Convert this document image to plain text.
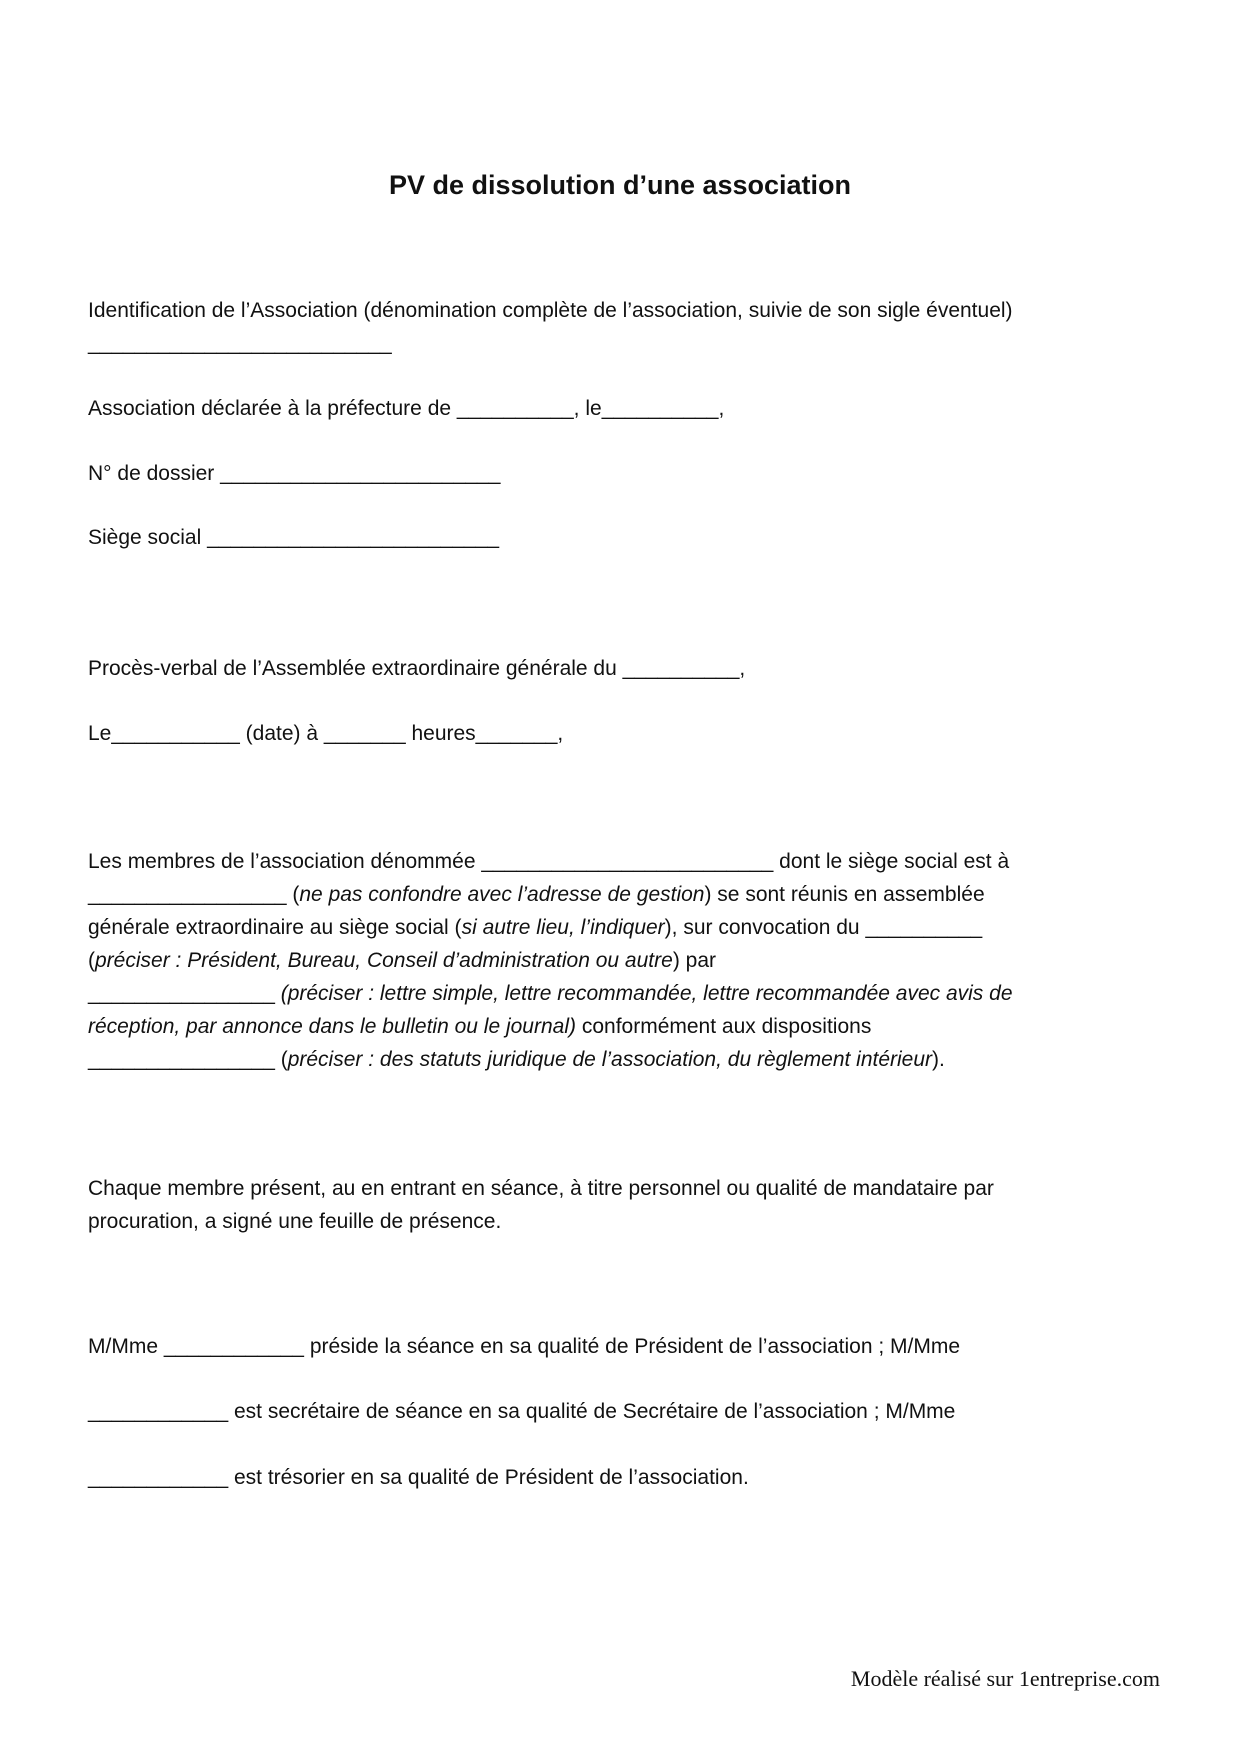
PV de dissolution d’une association

Identification de l’Association (dénomination complète de l’association, suivie de son sigle éventuel)

__________________________

Association déclarée à la préfecture de __________, le__________,

N° de dossier ________________________

Siège social _________________________

Procès-verbal de l’Assemblée extraordinaire générale du __________,

Le___________ (date) à _______ heures_______,

Les membres de l’association dénommée _________________________ dont le siège social est à

_________________ (ne pas confondre avec l’adresse de gestion) se sont réunis en assemblée

générale extraordinaire au siège social (si autre lieu, l’indiquer), sur convocation du __________

(préciser : Président, Bureau, Conseil d’administration ou autre) par

________________ (préciser : lettre simple, lettre recommandée, lettre recommandée avec avis de

réception, par annonce dans le bulletin ou le journal) conformément aux dispositions

________________ (préciser : des statuts juridique de l’association, du règlement intérieur).

Chaque membre présent, au en entrant en séance, à titre personnel ou qualité de mandataire par

procuration, a signé une feuille de présence.

M/Mme ____________ préside la séance en sa qualité de Président de l’association ; M/Mme

____________ est secrétaire de séance en sa qualité de Secrétaire de l’association ; M/Mme

____________ est trésorier en sa qualité de Président de l’association.

Modèle réalisé sur 1entreprise.com
